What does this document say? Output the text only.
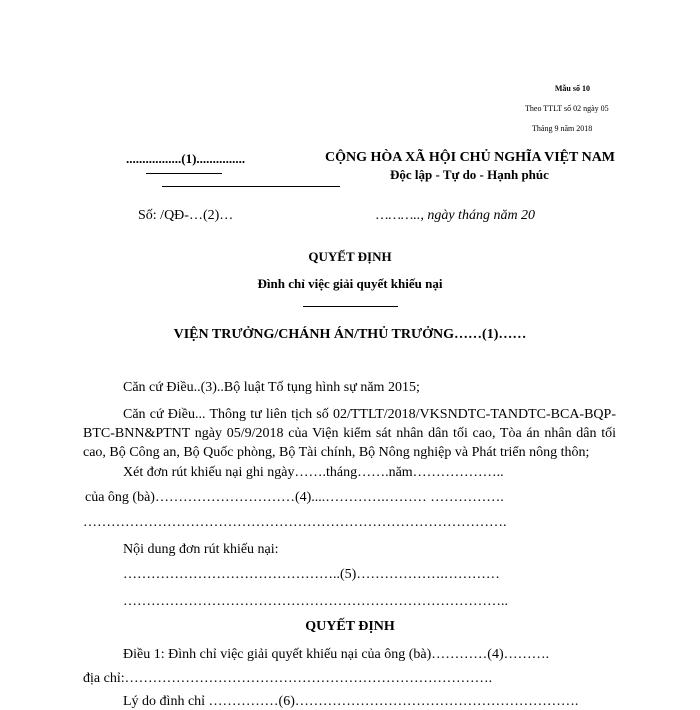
Mẫu số 10
Theo TTLT số 02 ngày 05
Tháng 9 năm 2018
.................(1)...............	CỘNG HÒA XÃ HỘI CHỦ NGHĨA VIỆT NAM
Độc lập - Tự do - Hạnh phúc
Số: /QĐ-…(2)…	……….., ngày tháng năm 20
QUYẾT ĐỊNH
Đình chỉ việc giải quyết khiếu nại
VIỆN TRƯỞNG/CHÁNH ÁN/THỦ TRƯỞNG……(1)……
Căn cứ Điều..(3)..Bộ luật Tố tụng hình sự năm 2015;
Căn cứ Điều... Thông tư liên tịch số 02/TTLT/2018/VKSNDTC-TANDTC-BCA-BQP-BTC-BNN&PTNT ngày 05/9/2018 của Viện kiểm sát nhân dân tối cao, Tòa án nhân dân tối cao, Bộ Công an, Bộ Quốc phòng, Bộ Tài chính, Bộ Nông nghiệp và Phát triển nông thôn;
Xét đơn rút khiếu nại ghi ngày…….tháng…….năm………………..
của ông (bà)…………………………(4)....………….……… …………….
……………………………………………………………………………….
Nội dung đơn rút khiếu nại:
………………………………………..(5)……………….…………
………………………………………………………………………..
QUYẾT ĐỊNH
Điều 1: Đình chỉ việc giải quyết khiếu nại của ông (bà)…………(4)……….
địa chỉ:…………………………………………………………………….
Lý do đình chỉ ……………(6)…………………………………………………….
